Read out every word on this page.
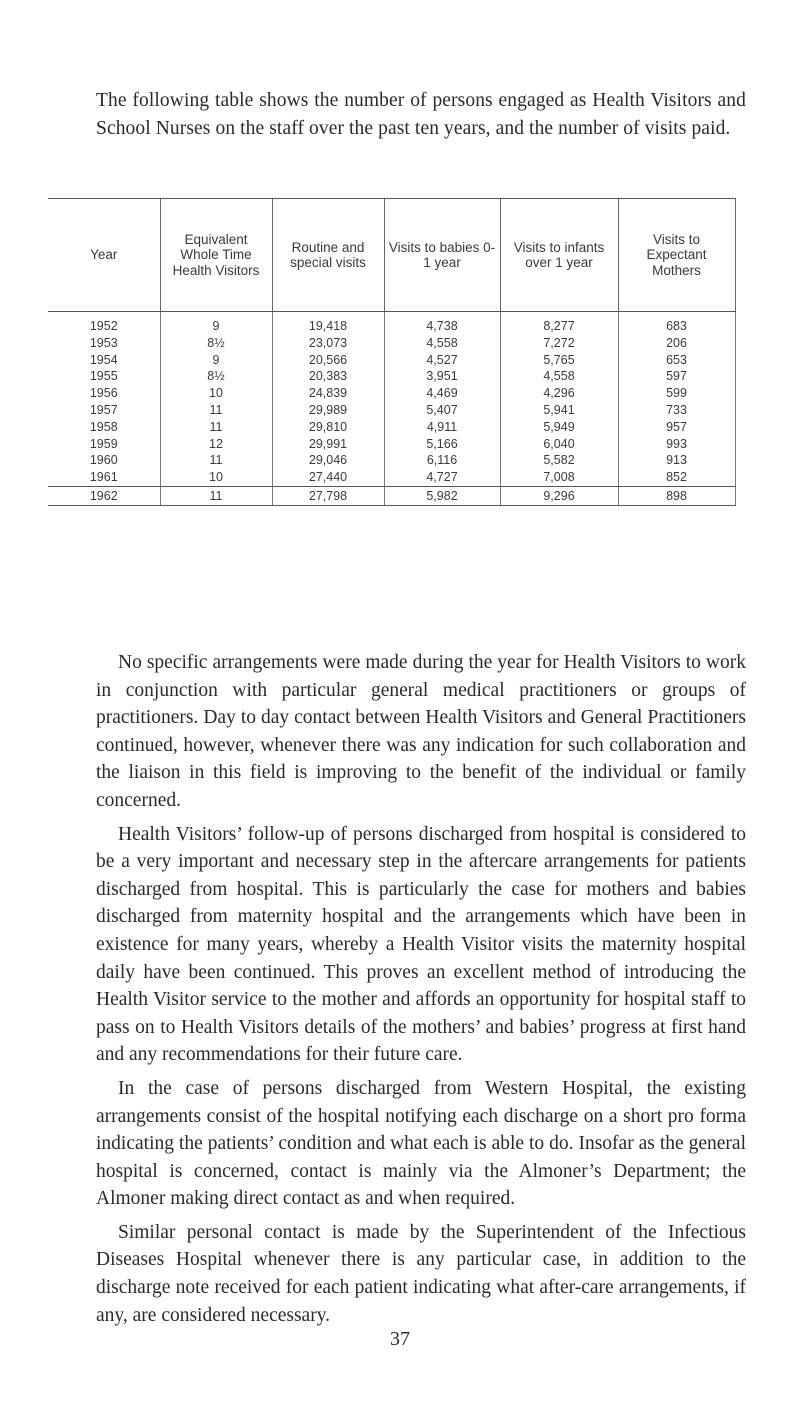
The following table shows the number of persons engaged as Health Visitors and School Nurses on the staff over the past ten years, and the number of visits paid.

Year	Equivalent Whole Time Health Visitors	Routine and special visits	Visits to babies 0-1 year	Visits to infants over 1 year	Visits to Expectant Mothers
1952	9	19,418	4,738	8,277	683
1953	8½	23,073	4,558	7,272	206
1954	9	20,566	4,527	5,765	653
1955	8½	20,383	3,951	4,558	597
1956	10	24,839	4,469	4,296	599
1957	11	29,989	5,407	5,941	733
1958	11	29,810	4,911	5,949	957
1959	12	29,991	5,166	6,040	993
1960	11	29,046	6,116	5,582	913
1961	10	27,440	4,727	7,008	852
1962	11	27,798	5,982	9,296	898

No specific arrangements were made during the year for Health Visitors to work in conjunction with particular general medical practitioners or groups of practitioners. Day to day contact between Health Visitors and General Practitioners continued, however, whenever there was any indication for such collaboration and the liaison in this field is improving to the benefit of the individual or family concerned.

Health Visitors’ follow-up of persons discharged from hospital is considered to be a very important and necessary step in the aftercare arrangements for patients discharged from hospital. This is particularly the case for mothers and babies discharged from maternity hospital and the arrangements which have been in existence for many years, whereby a Health Visitor visits the maternity hospital daily have been continued. This proves an excellent method of introducing the Health Visitor service to the mother and affords an opportunity for hospital staff to pass on to Health Visitors details of the mothers’ and babies’ progress at first hand and any recommendations for their future care.

In the case of persons discharged from Western Hospital, the existing arrangements consist of the hospital notifying each discharge on a short pro forma indicating the patients’ condition and what each is able to do. Insofar as the general hospital is concerned, contact is mainly via the Almoner’s Department; the Almoner making direct contact as and when required.

Similar personal contact is made by the Superintendent of the Infectious Diseases Hospital whenever there is any particular case, in addition to the discharge note received for each patient indicating what after-care arrangements, if any, are considered necessary.

37
